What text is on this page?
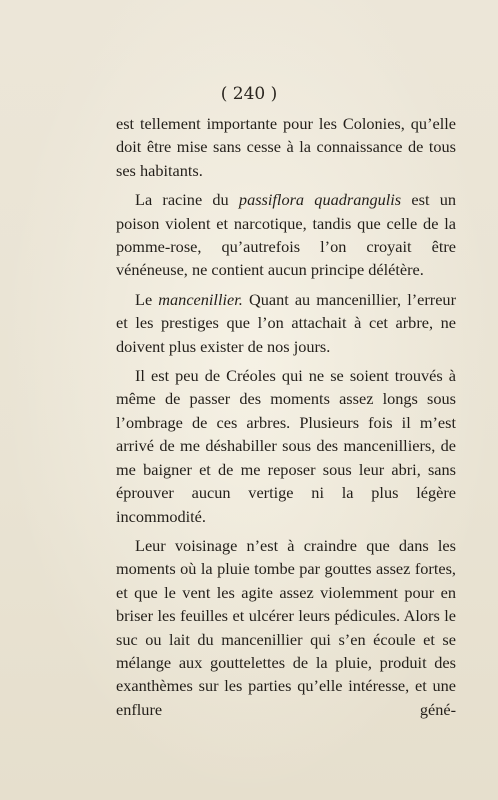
( 240 )

est tellement importante pour les Colonies, qu’elle doit être mise sans cesse à la connaissance de tous ses habitants.

La racine du passiflora quadrangulis est un poison violent et narcotique, tandis que celle de la pomme-rose, qu’autrefois l’on croyait être vénéneuse, ne contient aucun principe délétère.

Le mancenillier. Quant au mancenillier, l’erreur et les prestiges que l’on attachait à cet arbre, ne doivent plus exister de nos jours.

Il est peu de Créoles qui ne se soient trouvés à même de passer des moments assez longs sous l’ombrage de ces arbres. Plusieurs fois il m’est arrivé de me déshabiller sous des mancenilliers, de me baigner et de me reposer sous leur abri, sans éprouver aucun vertige ni la plus légère incommodité.

Leur voisinage n’est à craindre que dans les moments où la pluie tombe par gouttes assez fortes, et que le vent les agite assez violemment pour en briser les feuilles et ulcérer leurs pédicules. Alors le suc ou lait du mancenillier qui s’en écoule et se mélange aux gouttelettes de la pluie, produit des exanthèmes sur les parties qu’elle intéresse, et une enflure géné-
